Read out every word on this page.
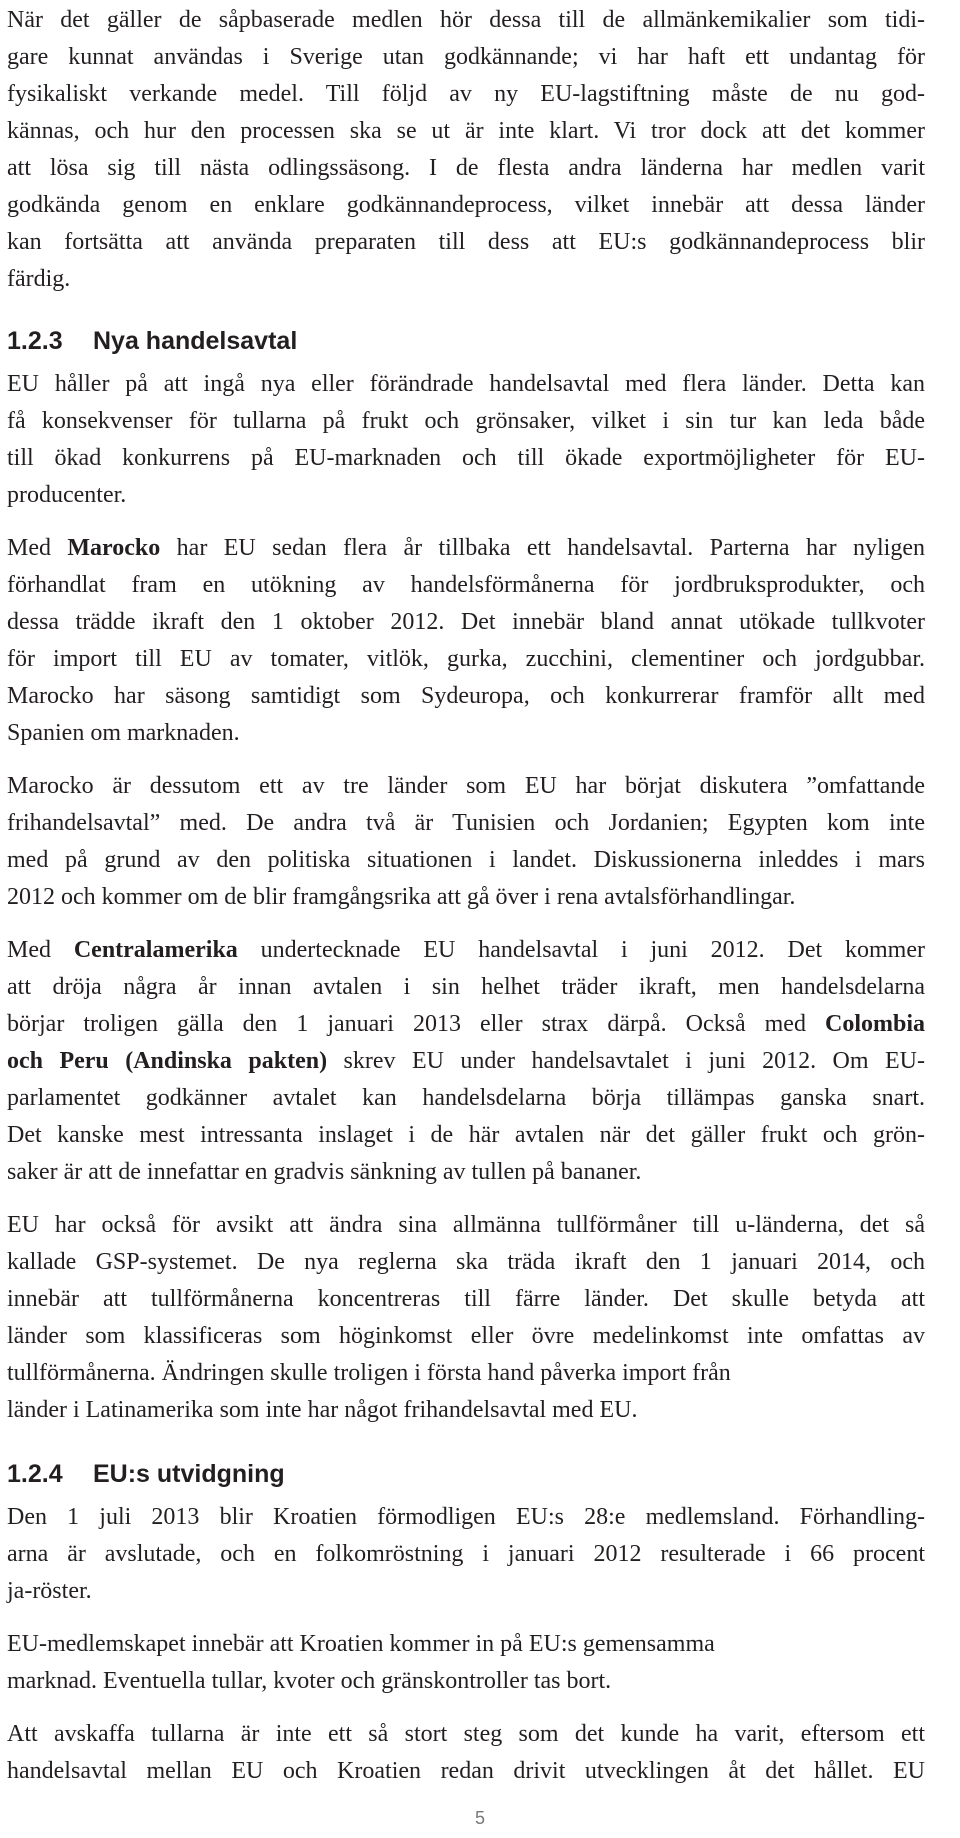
När det gäller de såpbaserade medlen hör dessa till de allmänkemikalier som tidi-
gare kunnat användas i Sverige utan godkännande; vi har haft ett undantag för
fysikaliskt verkande medel. Till följd av ny EU-lagstiftning måste de nu god-
kännas, och hur den processen ska se ut är inte klart. Vi tror dock att det kommer
att lösa sig till nästa odlingssäsong. I de flesta andra länderna har medlen varit
godkända genom en enklare godkännandeprocess, vilket innebär att dessa länder
kan fortsätta att använda preparaten till dess att EU:s godkännandeprocess blir
färdig.
1.2.3 Nya handelsavtal
EU håller på att ingå nya eller förändrade handelsavtal med flera länder. Detta kan
få konsekvenser för tullarna på frukt och grönsaker, vilket i sin tur kan leda både
till ökad konkurrens på EU-marknaden och till ökade exportmöjligheter för EU-
producenter.
Med Marocko har EU sedan flera år tillbaka ett handelsavtal. Parterna har nyligen
förhandlat fram en utökning av handelsförmånerna för jordbruksprodukter, och
dessa trädde ikraft den 1 oktober 2012. Det innebär bland annat utökade tullkvoter
för import till EU av tomater, vitlök, gurka, zucchini, clementiner och jordgubbar.
Marocko har säsong samtidigt som Sydeuropa, och konkurrerar framför allt med
Spanien om marknaden.
Marocko är dessutom ett av tre länder som EU har börjat diskutera ”omfattande
frihandelsavtal” med. De andra två är Tunisien och Jordanien; Egypten kom inte
med på grund av den politiska situationen i landet. Diskussionerna inleddes i mars
2012 och kommer om de blir framgångsrika att gå över i rena avtalsförhandlingar.
Med Centralamerika undertecknade EU handelsavtal i juni 2012. Det kommer
att dröja några år innan avtalen i sin helhet träder ikraft, men handelsdelarna
börjar troligen gälla den 1 januari 2013 eller strax därpå. Också med Colombia
och Peru (Andinska pakten) skrev EU under handelsavtalet i juni 2012. Om EU-
parlamentet godkänner avtalet kan handelsdelarna börja tillämpas ganska snart.
Det kanske mest intressanta inslaget i de här avtalen när det gäller frukt och grön-
saker är att de innefattar en gradvis sänkning av tullen på bananer.
EU har också för avsikt att ändra sina allmänna tullförmåner till u-länderna, det så
kallade GSP-systemet. De nya reglerna ska träda ikraft den 1 januari 2014, och
innebär att tullförmånerna koncentreras till färre länder. Det skulle betyda att
länder som klassificeras som höginkomst eller övre medelinkomst inte omfattas av
tullförmånerna. Ändringen skulle troligen i första hand påverka import från
länder i Latinamerika som inte har något frihandelsavtal med EU.
1.2.4 EU:s utvidgning
Den 1 juli 2013 blir Kroatien förmodligen EU:s 28:e medlemsland. Förhandling-
arna är avslutade, och en folkomröstning i januari 2012 resulterade i 66 procent
ja-röster.
EU-medlemskapet innebär att Kroatien kommer in på EU:s gemensamma
marknad. Eventuella tullar, kvoter och gränskontroller tas bort.
Att avskaffa tullarna är inte ett så stort steg som det kunde ha varit, eftersom ett
handelsavtal mellan EU och Kroatien redan drivit utvecklingen åt det hållet. EU
5
